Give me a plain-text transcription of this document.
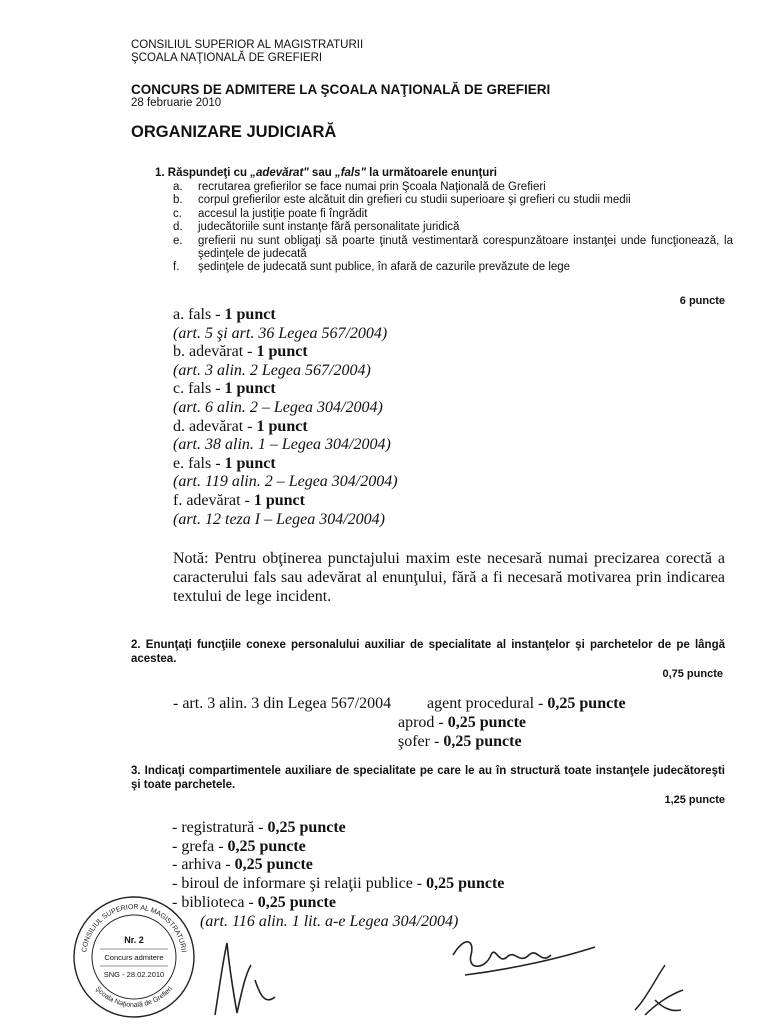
CONSILIUL SUPERIOR AL MAGISTRATURII
ŞCOALA NAŢIONALĂ DE GREFIERI
CONCURS DE ADMITERE LA ŞCOALA NAŢIONALĂ DE GREFIERI
28 februarie 2010
ORGANIZARE JUDICIARĂ
1. Răspundeţi cu „adevărat" sau „fals" la următoarele enunţuri
a.	recrutarea grefierilor se face numai prin Şcoala Naţională de Grefieri
b.	corpul grefierilor este alcătuit din grefieri cu studii superioare şi grefieri cu studii medii
c.	accesul la justiţie poate fi îngrădit
d.	judecătoriile sunt instanţe fără personalitate juridică
e.	grefierii nu sunt obligaţi să poarte ţinută vestimentară corespunzătoare instanţei unde funcţionează, la şedinţele de judecată
f.	şedinţele de judecată sunt publice, în afară de cazurile prevăzute de lege
6 puncte
a. fals - 1 punct
(art. 5 şi art. 36 Legea 567/2004)
b. adevărat - 1 punct
(art. 3 alin. 2 Legea 567/2004)
c. fals - 1 punct
(art. 6 alin. 2 – Legea 304/2004)
d. adevărat - 1 punct
(art. 38 alin. 1 – Legea 304/2004)
e. fals - 1 punct
(art. 119 alin. 2 – Legea 304/2004)
f. adevărat - 1 punct
(art. 12 teza I – Legea 304/2004)
Notă: Pentru obţinerea punctajului maxim este necesară numai precizarea corectă a caracterului fals sau adevărat al enunţului, fără a fi necesară motivarea prin indicarea textului de lege incident.
2. Enunţaţi funcţiile conexe personalului auxiliar de specialitate al instanţelor şi parchetelor de pe lângă acestea.
0,75 puncte
- art. 3 alin. 3 din Legea 567/2004 agent procedural - 0,25 puncte
aprod - 0,25 puncte
şofer - 0,25 puncte
3. Indicaţi compartimentele auxiliare de specialitate pe care le au în structură toate instanţele judecătoreşti şi toate parchetele.
1,25 puncte
- registratură - 0,25 puncte
- grefa - 0,25 puncte
- arhiva - 0,25 puncte
- biroul de informare şi relaţii publice - 0,25 puncte
- biblioteca - 0,25 puncte
(art. 116 alin. 1 lit. a-e Legea 304/2004)
CONSILIUL SUPERIOR AL MAGISTRATURII
Şcoala Naţională de Grefieri
Nr. 2
Concurs admitere
SNG - 28.02.2010
